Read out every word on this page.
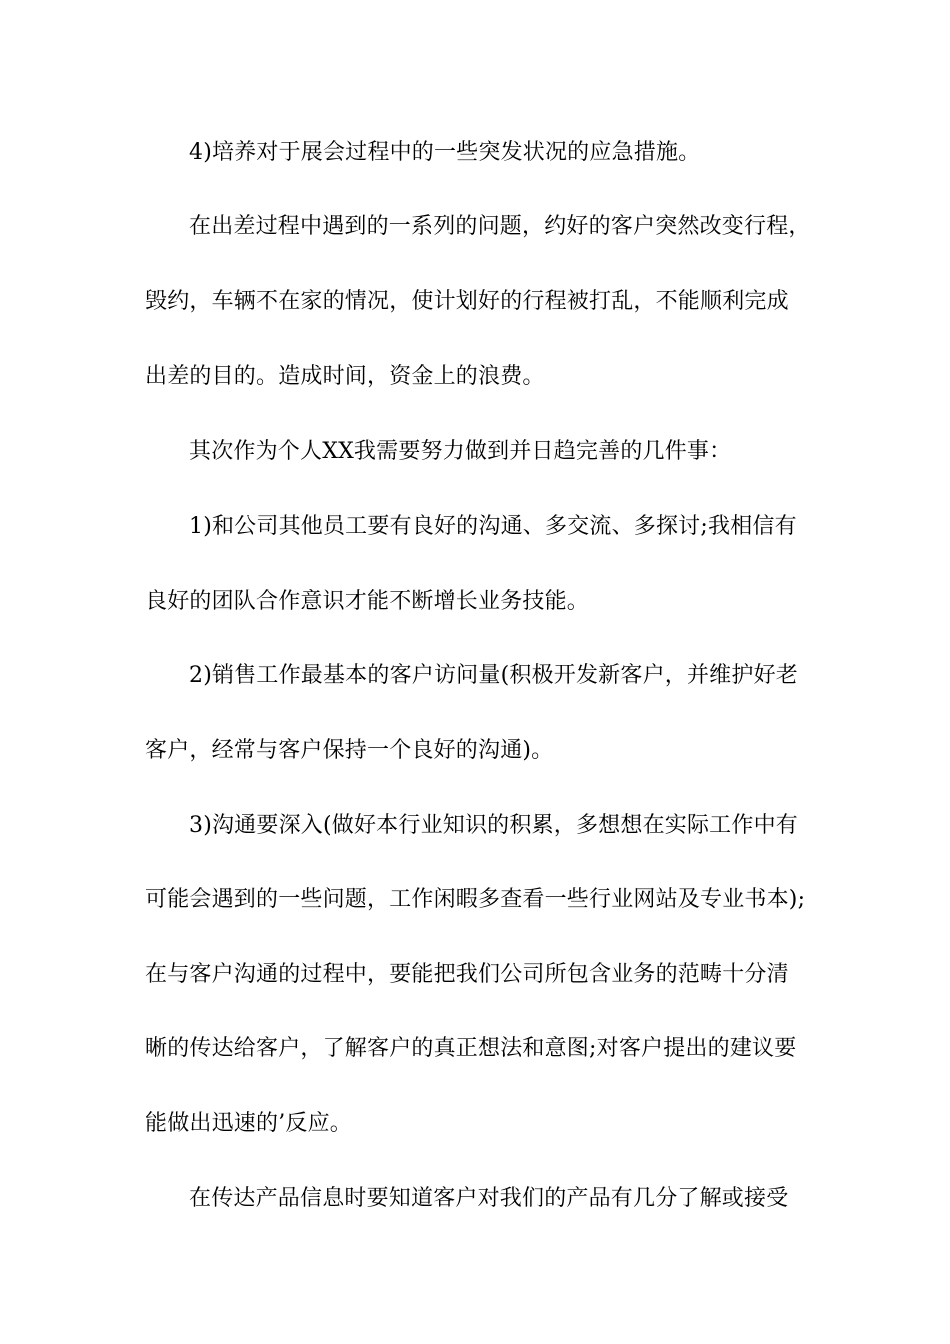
4)培养对于展会过程中的一些突发状况的应急措施。
在出差过程中遇到的一系列的问题，约好的客户突然改变行程，
毁约，车辆不在家的情况，使计划好的行程被打乱，不能顺利完成
出差的目的。造成时间，资金上的浪费。
其次作为个人XX我需要努力做到并日趋完善的几件事：
1)和公司其他员工要有良好的沟通、多交流、多探讨;我相信有
良好的团队合作意识才能不断增长业务技能。
2)销售工作最基本的客户访问量(积极开发新客户，并维护好老
客户，经常与客户保持一个良好的沟通)。
3)沟通要深入(做好本行业知识的积累，多想想在实际工作中有
可能会遇到的一些问题，工作闲暇多查看一些行业网站及专业书本);
在与客户沟通的过程中，要能把我们公司所包含业务的范畴十分清
晰的传达给客户，了解客户的真正想法和意图;对客户提出的建议要
能做出迅速的’反应。
在传达产品信息时要知道客户对我们的产品有几分了解或接受
